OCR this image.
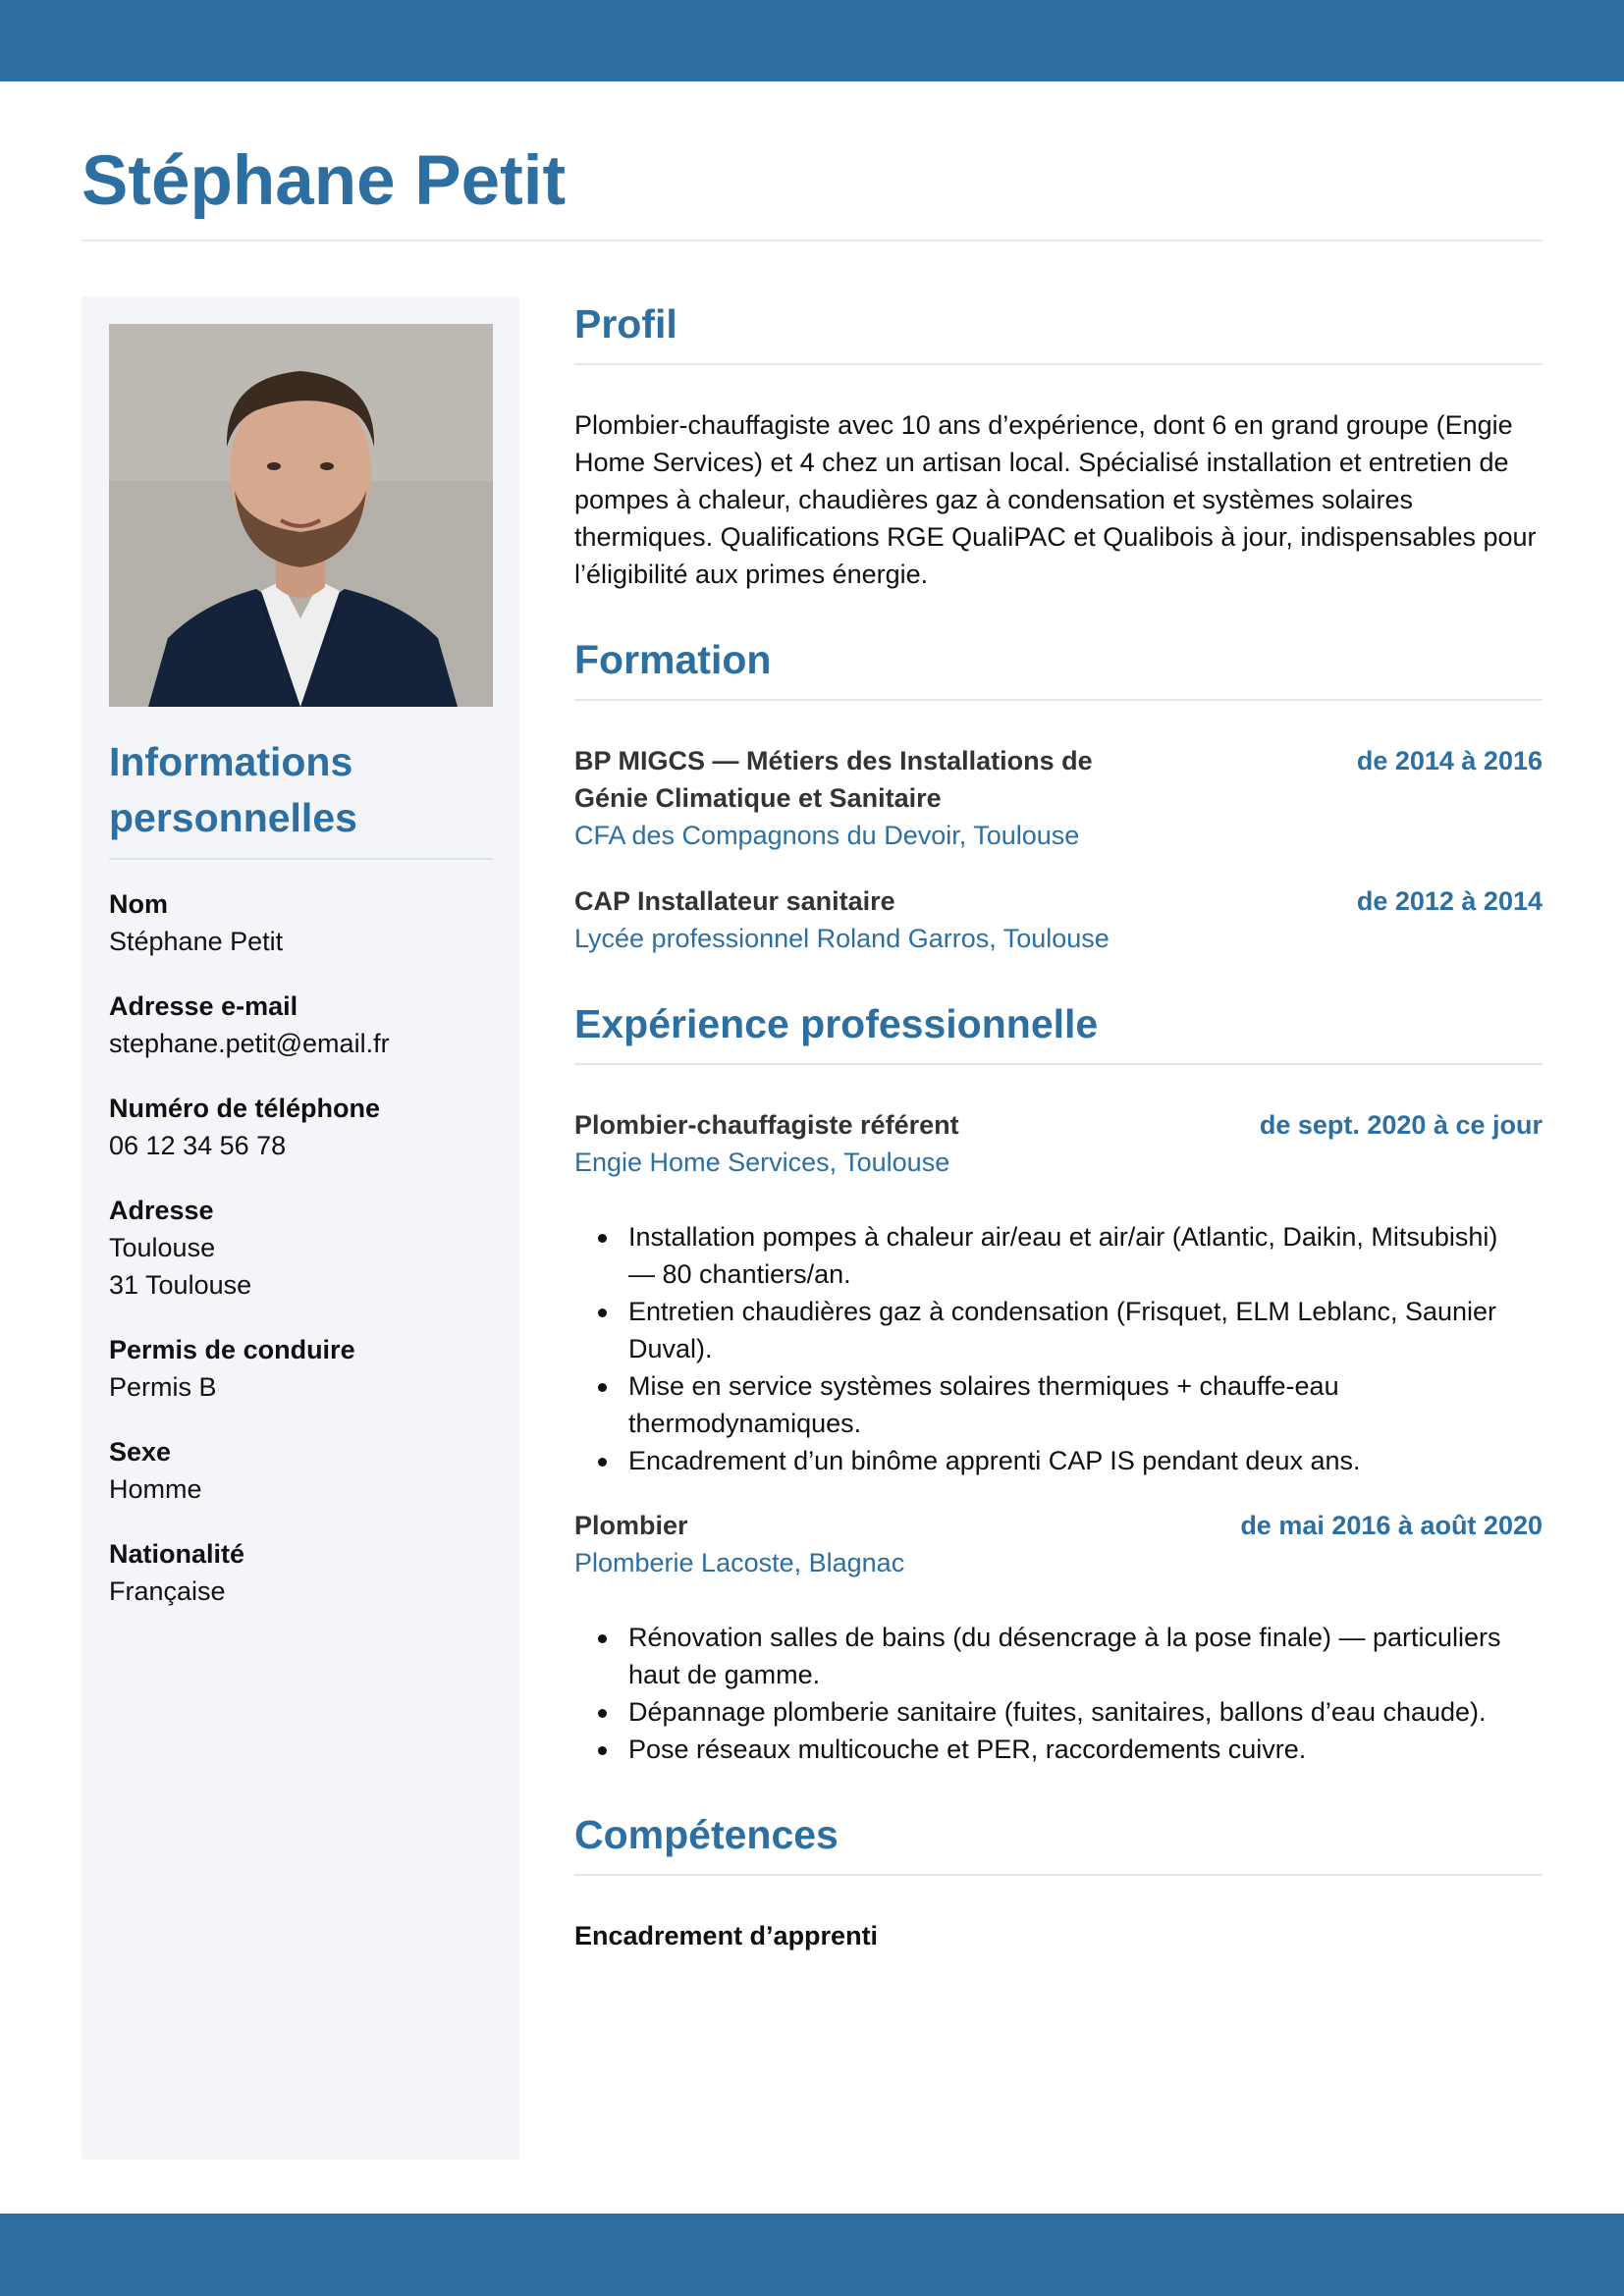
Stéphane Petit
Informations personnelles
Nom
Stéphane Petit
Adresse e-mail
stephane.petit@email.fr
Numéro de téléphone
06 12 34 56 78
Adresse
Toulouse
31 Toulouse
Permis de conduire
Permis B
Sexe
Homme
Nationalité
Française
Profil

Plombier-chauffagiste avec 10 ans d’expérience, dont 6 en grand groupe (Engie Home Services) et 4 chez un artisan local. Spécialisé installation et entretien de pompes à chaleur, chaudières gaz à condensation et systèmes solaires thermiques. Qualifications RGE QualiPAC et Qualibois à jour, indispensables pour l’éligibilité aux primes énergie.

Formation
BP MIGCS — Métiers des Installations de
Génie Climatique et Sanitaire
de 2014 à 2016
CFA des Compagnons du Devoir, Toulouse
CAP Installateur sanitaire	de 2012 à 2014
Lycée professionnel Roland Garros, Toulouse
Expérience professionnelle
Plombier-chauffagiste référent	de sept. 2020 à ce jour
Engie Home Services, Toulouse
Installation pompes à chaleur air/eau et air/air (Atlantic, Daikin, Mitsubishi)
— 80 chantiers/an.
Entretien chaudières gaz à condensation (Frisquet, ELM Leblanc, Saunier
Duval).
Mise en service systèmes solaires thermiques + chauffe-eau
thermodynamiques.
Encadrement d’un binôme apprenti CAP IS pendant deux ans.
Plombier	de mai 2016 à août 2020
Plomberie Lacoste, Blagnac
Rénovation salles de bains (du désencrage à la pose finale) — particuliers
haut de gamme.
Dépannage plomberie sanitaire (fuites, sanitaires, ballons d’eau chaude).
Pose réseaux multicouche et PER, raccordements cuivre.
Compétences
Encadrement d’apprenti
